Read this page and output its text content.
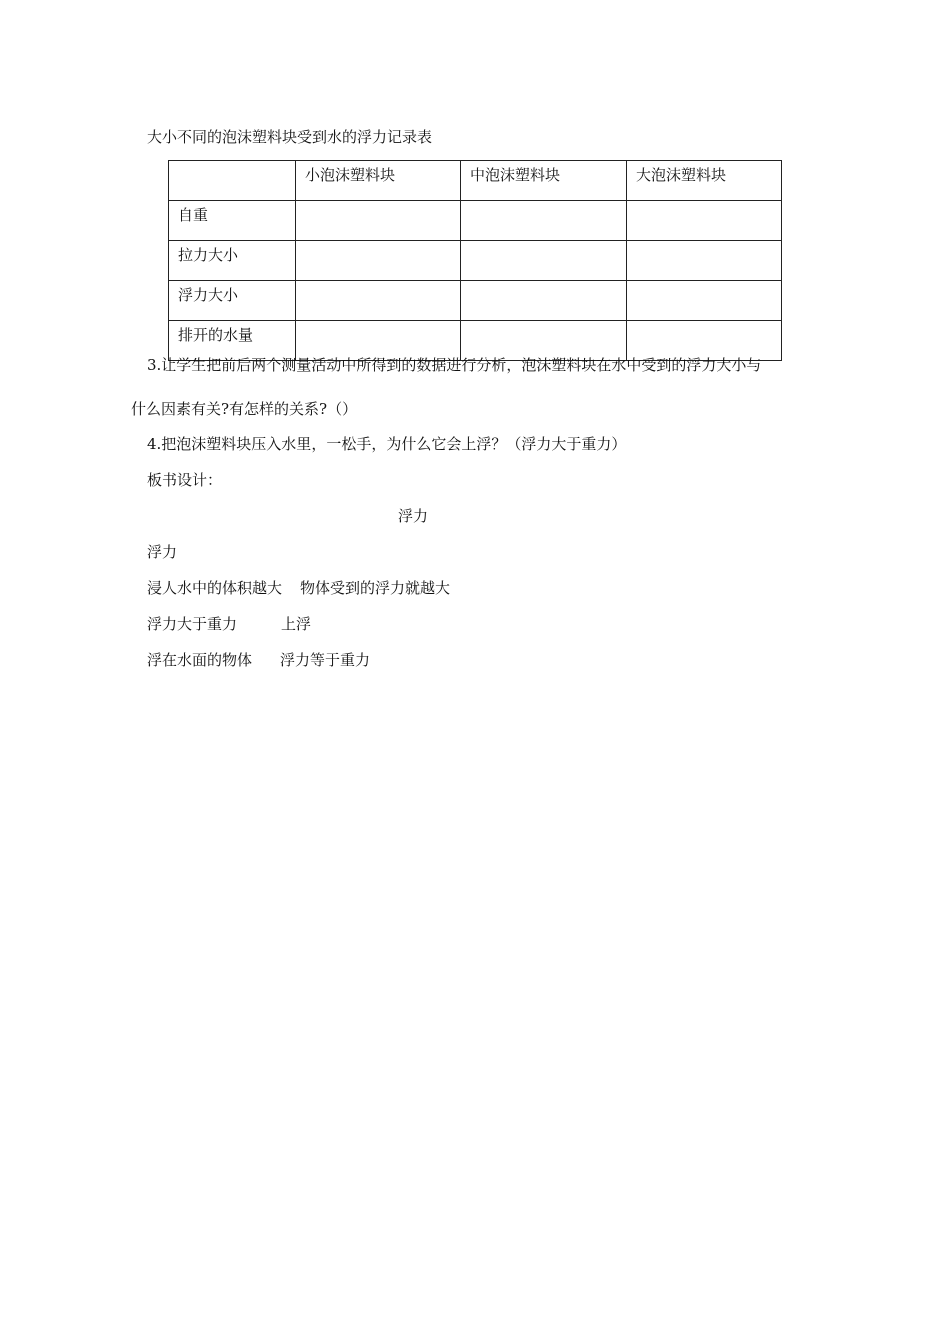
大小不同的泡沫塑料块受到水的浮力记录表
	小泡沫塑料块	中泡沫塑料块	大泡沫塑料块
自重			
拉力大小			
浮力大小			
排开的水量			
3.让学生把前后两个测量活动中所得到的数据进行分析，泡沫塑料块在水中受到的浮力大小与
什么因素有关?有怎样的关系?（）
4.把泡沫塑料块压入水里，一松手，为什么它会上浮？（浮力大于重力）
板书设计：
浮力
浮力
浸人水中的体积越大 物体受到的浮力就越大
浮力大于重力	上浮
浮在水面的物体 浮力等于重力
